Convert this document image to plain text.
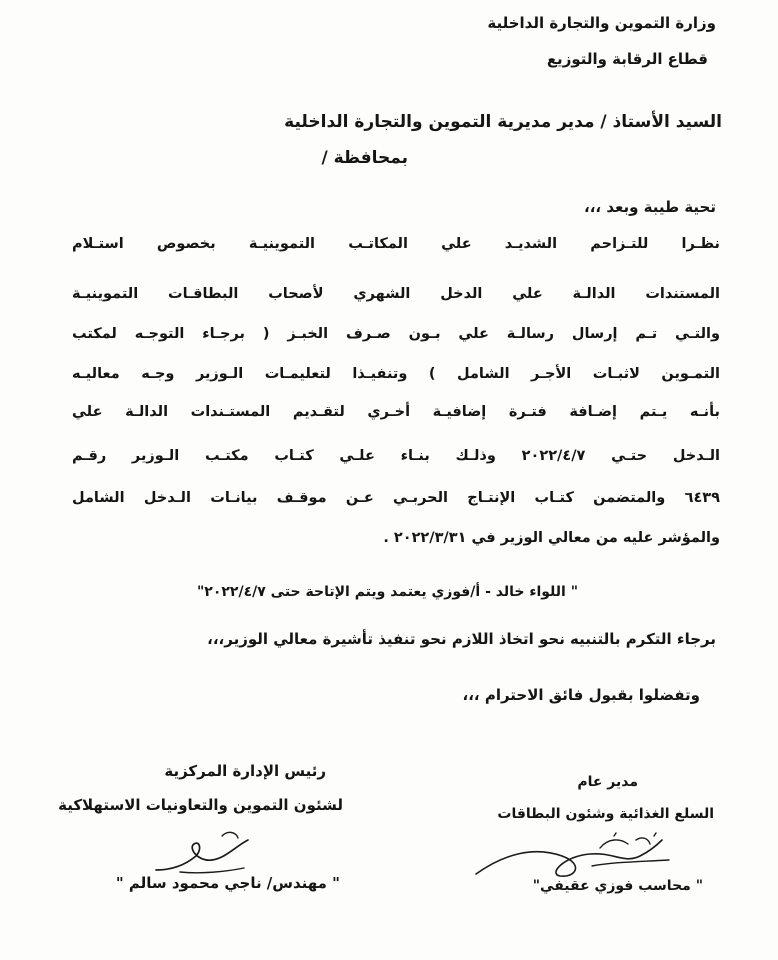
وزارة التموين والتجارة الداخلية
قطاع الرقابة والتوزيع
السيد الأستاذ / مدير مديرية التموين والتجارة الداخلية
بمحافظة /
تحية طيبة وبعد ،،،
نظـرا للتـزاحم الشديـد علي المكاتـب التموينيـة بخصوص استـلام
المستندات الدالـة علي الدخل الشهري لأصحاب البطاقـات التموينيـة
والتـي تـم إرسال رسالـة علي بـون صـرف الخبـز ( برجـاء التوجـه لمكتب
التمـوين لاثبـات الأجـر الشامل ) وتنفيـذا لتعليمـات الـوزير وجـه معاليـه
بأنـه يـتم إضـافة فتـرة إضافيـة أخـري لتقـديم المستـندات الدالـة علي
الـدخل حتـي ٢٠٢٢/٤/٧ وذلـك بنـاء علـي كتـاب مكتـب الـوزير رقـم
٦٤٣٩ والمتضمن كتـاب الإنتـاج الحربـي عـن موقـف بيانـات الـدخل الشامل
والمؤشر عليه من معالي الوزير في ٢٠٢٢/٣/٣١ .
" اللواء خالد - أ/فوزي يعتمد ويتم الإتاحة حتى ٢٠٢٢/٤/٧"
برجاء التكرم بالتنبيه نحو اتخاذ اللازم نحو تنفيذ تأشيرة معالي الوزير،،،
وتفضلوا بقبول فائق الاحترام ،،،
مدير عام
السلع الغذائية وشئون البطاقات
" محاسب فوزي عقيفي"
رئيس الإدارة المركزية
لشئون التموين والتعاونيات الاستهلاكية
" مهندس/ ناجي محمود سالم "
